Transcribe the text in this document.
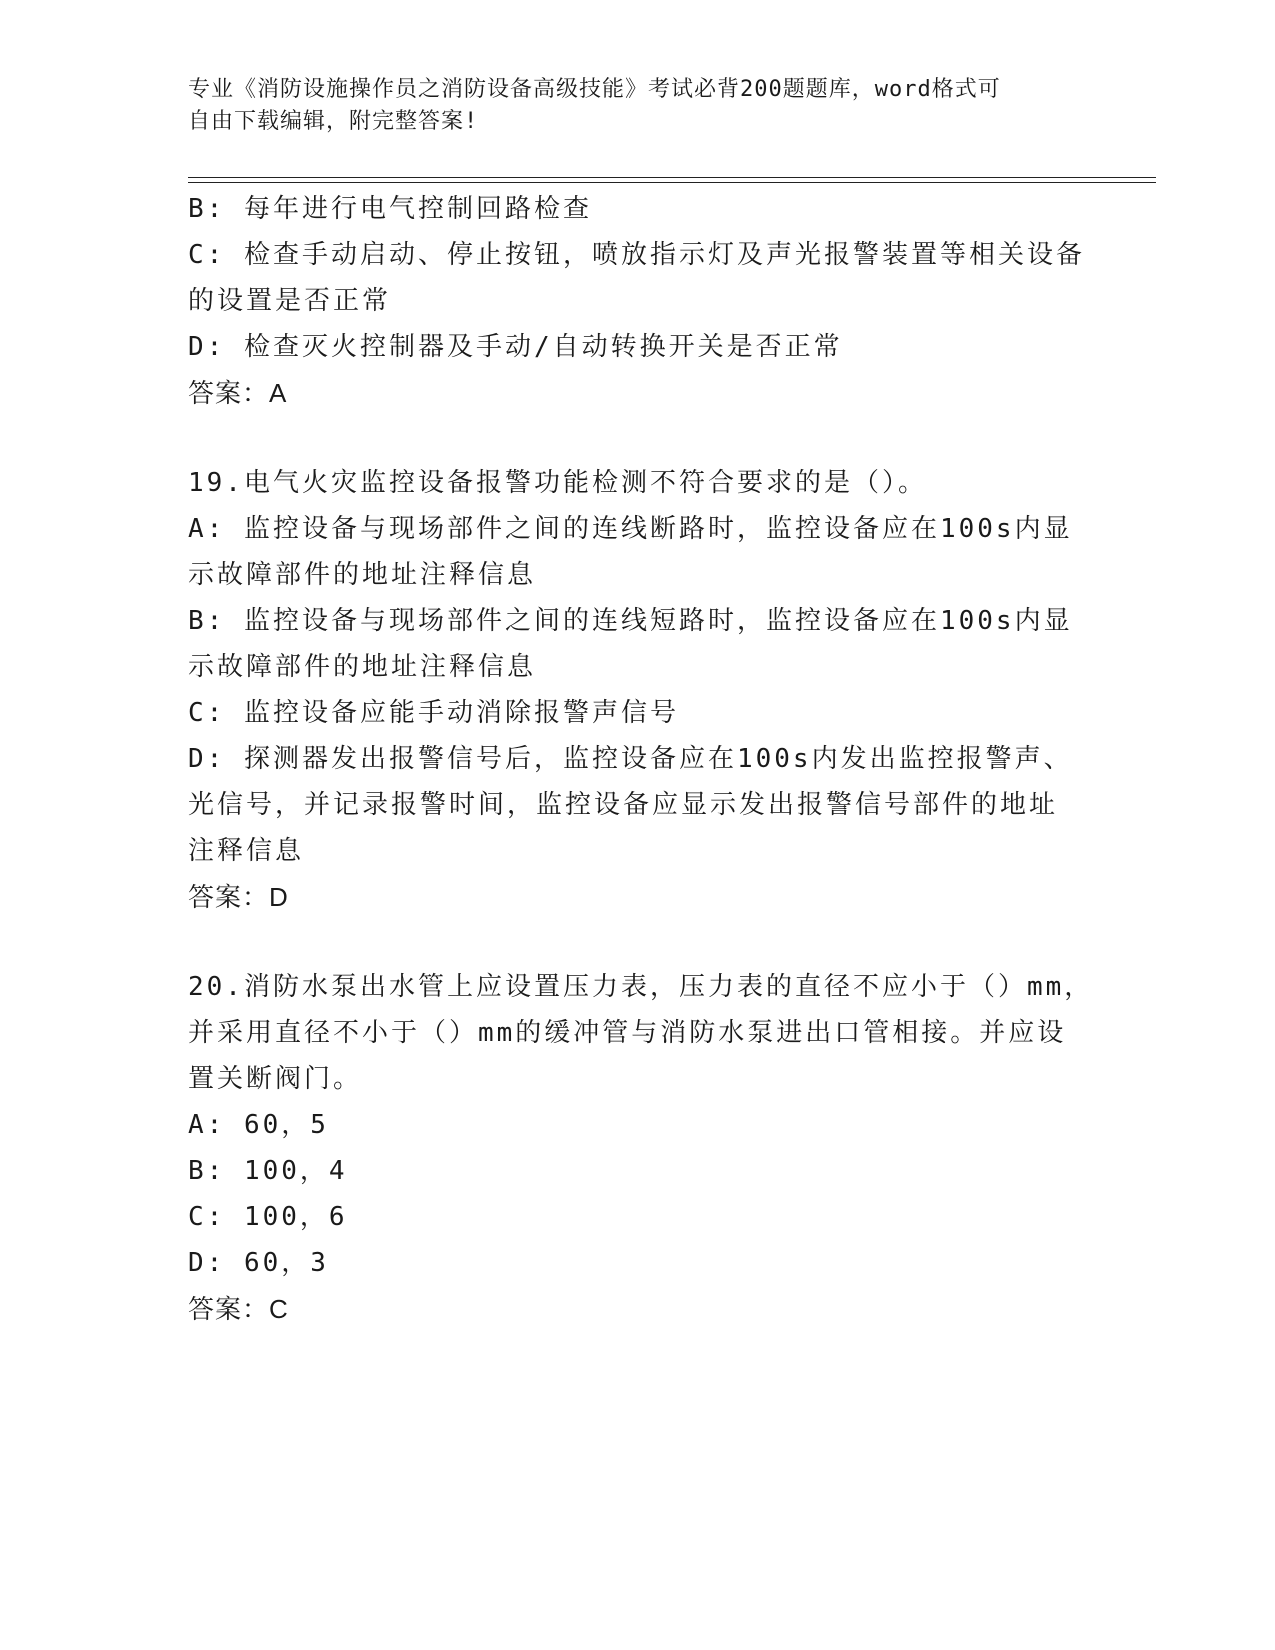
专业《消防设施操作员之消防设备高级技能》考试必背200题题库，word格式可
自由下载编辑，附完整答案!
B: 每年进行电气控制回路检查
C: 检查手动启动、停止按钮，喷放指示灯及声光报警装置等相关设备
的设置是否正常
D: 检查灭火控制器及手动/自动转换开关是否正常
答案：A
19.电气火灾监控设备报警功能检测不符合要求的是（）。
A: 监控设备与现场部件之间的连线断路时，监控设备应在100s内显
示故障部件的地址注释信息
B: 监控设备与现场部件之间的连线短路时，监控设备应在100s内显
示故障部件的地址注释信息
C: 监控设备应能手动消除报警声信号
D: 探测器发出报警信号后，监控设备应在100s内发出监控报警声、
光信号，并记录报警时间，监控设备应显示发出报警信号部件的地址
注释信息
答案：D
20.消防水泵出水管上应设置压力表，压力表的直径不应小于（）mm，
并采用直径不小于（）mm的缓冲管与消防水泵进出口管相接。并应设
置关断阀门。
A: 60，5
B: 100，4
C: 100，6
D: 60，3
答案：C
